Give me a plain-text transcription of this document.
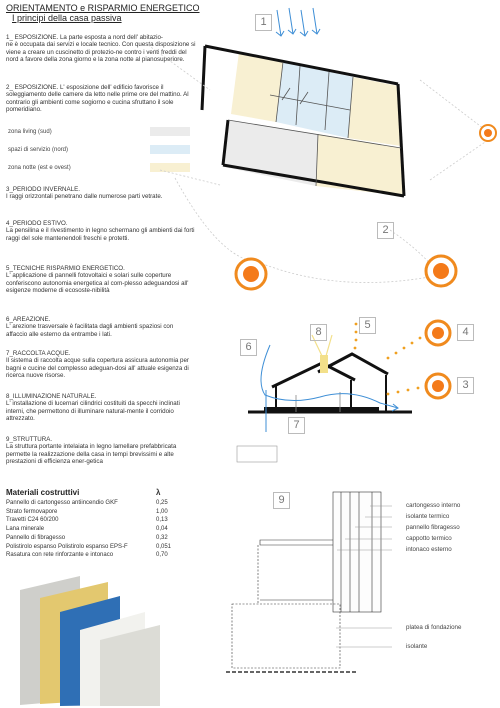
ORIENTAMENTO e RISPARMIO ENERGETICO
I principi della casa passiva
1_ ESPOSIZIONE. La parte esposta a nord dell' abitazio-
ne è occupata dai servizi e locale tecnico. Con questa disposizione si viene a creare un cuscinetto di protezio-ne contro i venti freddi del nord a favore della zona giorno e la zona notte al pianosuperiore.
2_ ESPOSIZIONE. L' esposizione dell' edificio favorisce il
soleggiamento delle camere da letto nelle prime ore del mattino. Al contrario gli ambienti come sogiorno e cucina sfruttano il sole pomeridiano.
zona living (sud)
spazi di servizio (nord)
zona notte (est e ovest)
3_PERIODO INVERNALE.
I raggi orizzontali penetrano dalle numerose parti vetrate.
4_PERIODO ESTIVO.
La pensilina e il rivestimento in legno schermano gli ambienti dai forti raggi del sole mantenendoli freschi e protetti.
5_TECNICHE RISPARMIO ENERGETICO.
L' applicazione di pannelli fotovoltaici e solari sulle coperture conferiscono autonomia energetica al com-plesso adeguandosi all' esigenze moderne di ecososte-nibilità
6_AREAZIONE.
L' arezione trasversale è facilitata dagli ambienti spaziosi con affaccio alle esterno da entrambe i lati.
7_RACCOLTA ACQUE.
Il sistema di raccolta acque sulla copertura assicura autonomia per bagni e cucine del complesso adeguan-dosi all' attuale esigenza di ricerca nuove risorse.
8_ILLUMINAZIONE NATURALE.
L' installazione di lucernari cilindrici costituiti da specchi inclinati interni, che permettono di illuminare natural-mente il corridoio attrezzato.
9_STRUTTURA.
La struttura portante intelaiata in legno lamellare prefabbricata permette la realizzazione della casa in tempi brevissimi e alte prestazioni di efficienza ener-getica
Materiali costruttivi	λ
Pannello di cartongesso antiincendio GKF	0,25
Strato fermovapore	1,00
Travetti C24 60/200	0,13
Lana minerale	0,04
Pannello di fibragesso	0,32
Polistirolo espanso Polistirolo espanso EPS-F	0,051
Rasatura con rete rinforzante e intonaco	0,70
1
2
3
4
5
6
7
8
9	cartongesso interno
isolante termico
pannello fibragesso
cappotto termico
intonaco esterno
platea di fondazione
isolante
